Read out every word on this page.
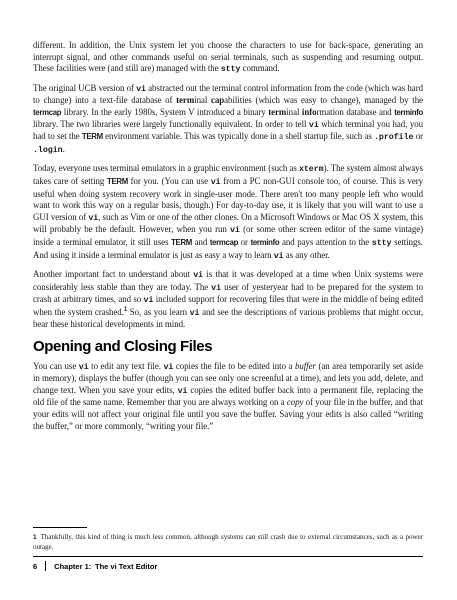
different. In addition, the Unix system let you choose the characters to use for back-space, generating an interrupt signal, and other commands useful on serial terminals, such as suspending and resuming output. These facilities were (and still are) managed with the stty command.

The original UCB version of vi abstracted out the terminal control information from the code (which was hard to change) into a text-file database of terminal capabilities (which was easy to change), managed by the termcap library. In the early 1980s, System V introduced a binary terminal information database and terminfo library. The two libraries were largely functionally equivalent. In order to tell vi which terminal you had, you had to set the TERM environment variable. This was typically done in a shell startup file, such as .profile or .login.

Today, everyone uses terminal emulators in a graphic environment (such as xterm). The system almost always takes care of setting TERM for you. (You can use vi from a PC non-GUI console too, of course. This is very useful when doing system recovery work in single-user mode. There aren't too many people left who would want to work this way on a regular basis, though.) For day-to-day use, it is likely that you will want to use a GUI version of vi, such as Vim or one of the other clones. On a Microsoft Windows or Mac OS X system, this will probably be the default. However, when you run vi (or some other screen editor of the same vintage) inside a terminal emulator, it still uses TERM and termcap or terminfo and pays attention to the stty settings. And using it inside a terminal emulator is just as easy a way to learn vi as any other.

Another important fact to understand about vi is that it was developed at a time when Unix systems were considerably less stable than they are today. The vi user of yesteryear had to be prepared for the system to crash at arbitrary times, and so vi included support for recovering files that were in the middle of being edited when the system crashed.$^1$ So, as you learn vi and see the descriptions of various problems that might occur, bear these historical developments in mind.

Opening and Closing Files

You can use vi to edit any text file. vi copies the file to be edited into a buffer (an area temporarily set aside in memory), displays the buffer (though you can see only one screenful at a time), and lets you add, delete, and change text. When you save your edits, vi copies the edited buffer back into a permanent file, replacing the old file of the same name. Remember that you are always working on a copy of your file in the buffer, and that your edits will not affect your original file until you save the buffer. Saving your edits is also called “writing the buffer,” or more commonly, “writing your file.”

1 Thankfully, this kind of thing is much less common, although systems can still crash due to external circumstances, such as a power outage.
6 Chapter 1: The vi Text Editor
